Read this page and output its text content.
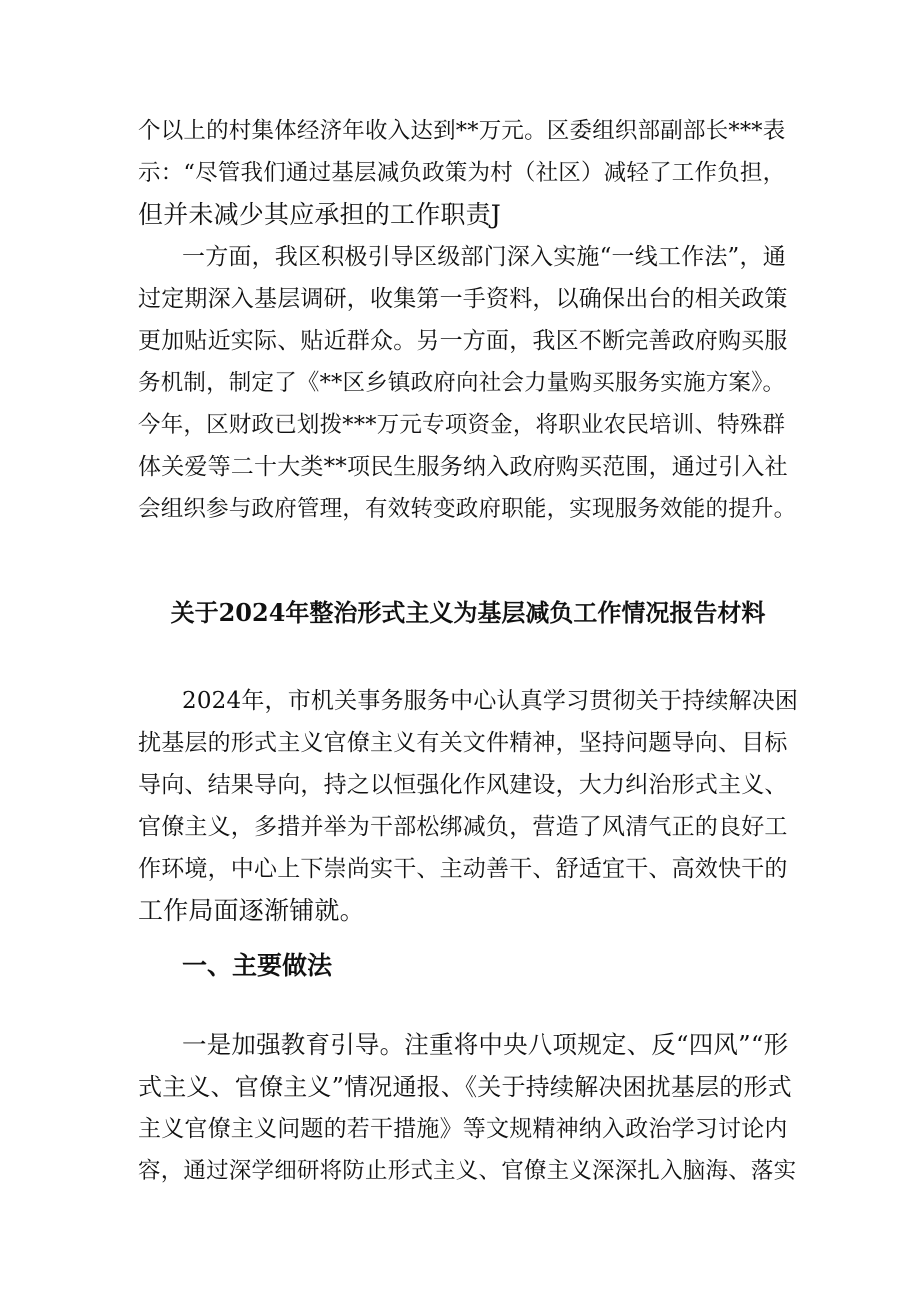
个以上的村集体经济年收入达到**万元。区委组织部副部长***表
示：“尽管我们通过基层减负政策为村（社区）减轻了工作负担，
但并未减少其应承担的工作职责J
一方面，我区积极引导区级部门深入实施“一线工作法”，通
过定期深入基层调研，收集第一手资料，以确保出台的相关政策
更加贴近实际、贴近群众。另一方面，我区不断完善政府购买服
务机制，制定了《**区乡镇政府向社会力量购买服务实施方案》。
今年，区财政已划拨***万元专项资金，将职业农民培训、特殊群
体关爱等二十大类**项民生服务纳入政府购买范围，通过引入社
会组织参与政府管理，有效转变政府职能，实现服务效能的提升。
关于2024年整治形式主义为基层减负工作情况报告材料
2024年，市机关事务服务中心认真学习贯彻关于持续解决困
扰基层的形式主义官僚主义有关文件精神，坚持问题导向、目标
导向、结果导向，持之以恒强化作风建设，大力纠治形式主义、
官僚主义，多措并举为干部松绑减负，营造了风清气正的良好工
作环境，中心上下崇尚实干、主动善干、舒适宜干、高效快干的
工作局面逐渐铺就。
一、主要做法
一是加强教育引导。注重将中央八项规定、反“四风”“形
式主义、官僚主义”情况通报、《关于持续解决困扰基层的形式
主义官僚主义问题的若干措施》等文规精神纳入政治学习讨论内
容，通过深学细研将防止形式主义、官僚主义深深扎入脑海、落实
